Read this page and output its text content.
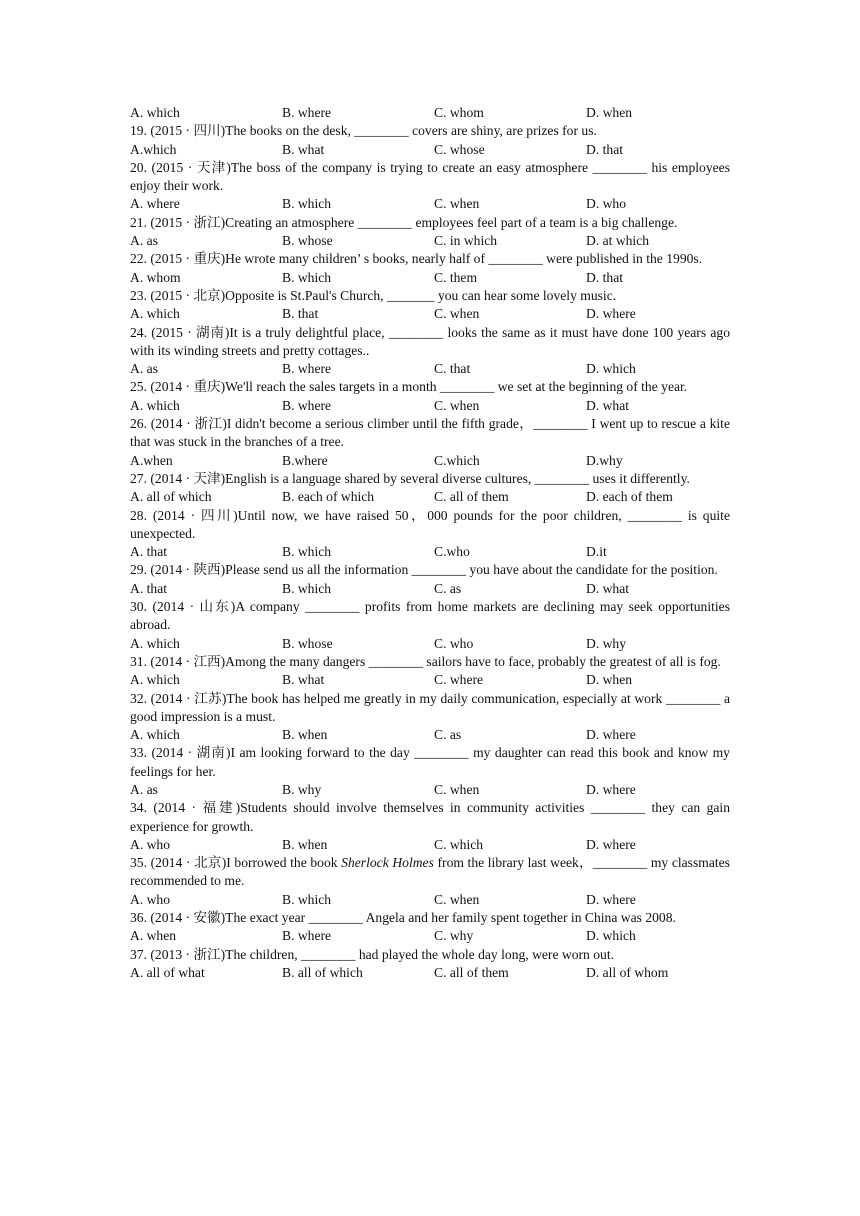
A. which	B. where	C. whom	D. when
19. (2015 · 四川)The books on the desk, ________ covers are shiny, are prizes for us.
A.which	B. what	C. whose	D. that
20. (2015 · 天津)The boss of the company is trying to create an easy atmosphere ________ his employees enjoy their work.
A. where	B. which	C. when	D. who
21. (2015 · 浙江)Creating an atmosphere ________ employees feel part of a team is a big challenge.
A. as	B. whose	C. in which	D. at which
22. (2015 · 重庆)He wrote many children’ s books, nearly half of ________ were published in the 1990s.
A. whom	B. which	C. them	D. that
23. (2015 · 北京)Opposite is St.Paul's Church, _______ you can hear some lovely music.
A. which	B. that	C. when	D. where
24. (2015 · 湖南)It is a truly delightful place, ________ looks the same as it must have done 100 years ago with its winding streets and pretty cottages..
A. as	B. where	C. that	D. which
25. (2014 · 重庆)We'll reach the sales targets in a month ________ we set at the beginning of the year.
A. which	B. where	C. when	D. what
26. (2014 · 浙江)I didn't become a serious climber until the fifth grade，________ I went up to rescue a kite that was stuck in the branches of a tree.
A.when	B.where	C.which	D.why
27. (2014 · 天津)English is a language shared by several diverse cultures, ________ uses it differently.
A. all of which	B. each of which	C. all of them	D. each of them
28. (2014 · 四川)Until now, we have raised 50，000 pounds for the poor children, ________ is quite unexpected.
A. that	B. which	C.who	D.it
29. (2014 · 陕西)Please send us all the information ________ you have about the candidate for the position.
A. that	B. which	C. as	D. what
30. (2014 · 山东)A company ________ profits from home markets are declining may seek opportunities abroad.
A. which	B. whose	C. who	D. why
31. (2014 · 江西)Among the many dangers ________ sailors have to face, probably the greatest of all is fog.
A. which	B. what	C. where	D. when
32. (2014 · 江苏)The book has helped me greatly in my daily communication, especially at work ________ a good impression is a must.
A. which	B. when	C. as	D. where
33. (2014 · 湖南)I am looking forward to the day ________ my daughter can read this book and know my feelings for her.
A. as	B. why	C. when	D. where
34. (2014 · 福建)Students should involve themselves in community activities ________ they can gain experience for growth.
A. who	B. when	C. which	D. where
35. (2014 · 北京)I borrowed the book Sherlock Holmes from the library last week，________ my classmates recommended to me.
A. who	B. which	C. when	D. where
36. (2014 · 安徽)The exact year ________ Angela and her family spent together in China was 2008.
A. when	B. where	C. why	D. which
37. (2013 · 浙江)The children, ________ had played the whole day long, were worn out.
A. all of what	B. all of which	C. all of them	D. all of whom
